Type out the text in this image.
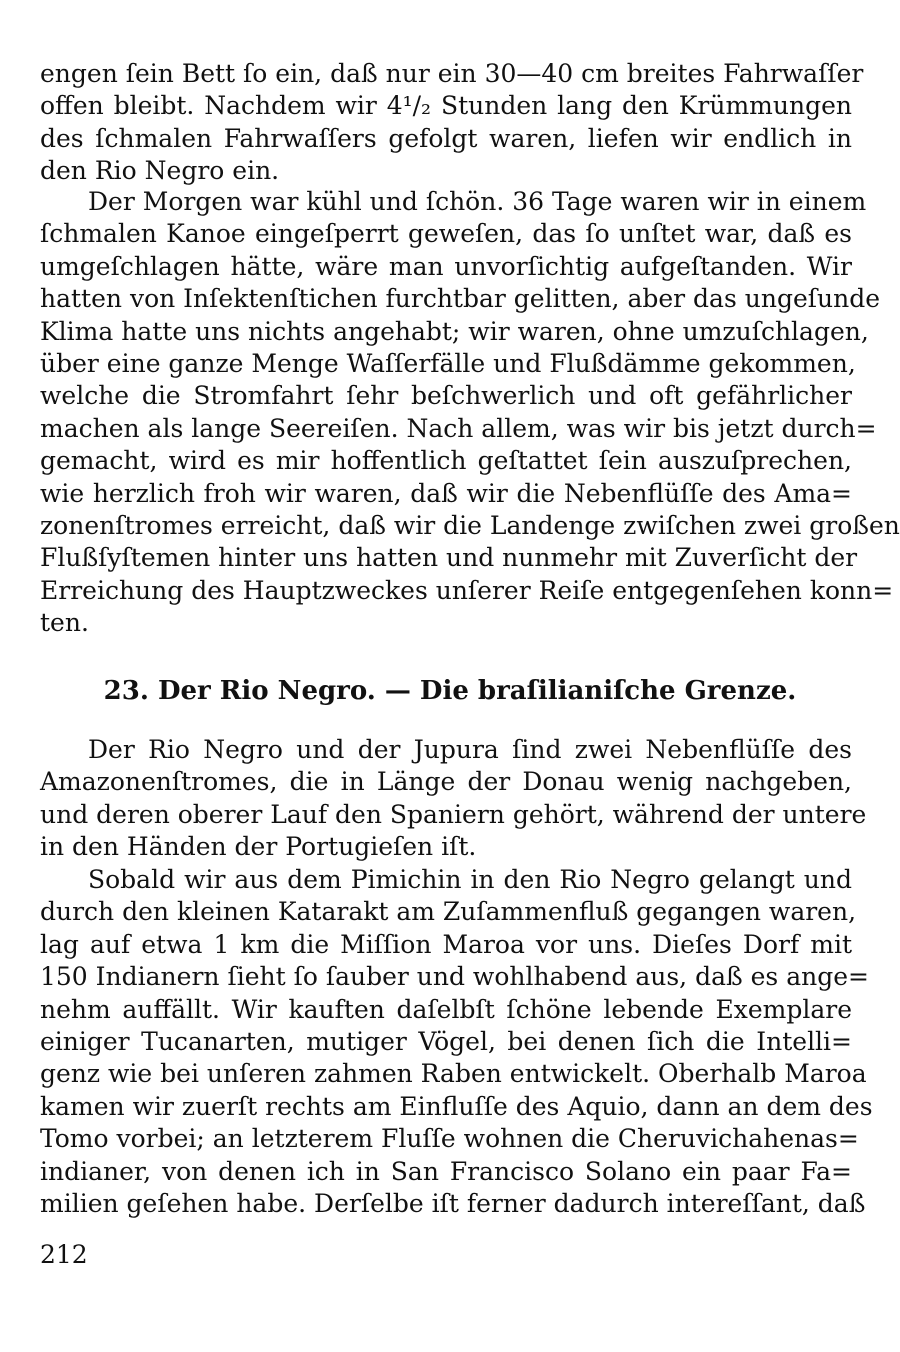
engen ſein Bett ſo ein, daß nur ein 30—40 cm breites Fahrwaſſer
offen bleibt. Nachdem wir 4¹/₂ Stunden lang den Krümmungen
des ſchmalen Fahrwaſſers gefolgt waren, liefen wir endlich in
den Rio Negro ein.
Der Morgen war kühl und ſchön. 36 Tage waren wir in einem
ſchmalen Kanoe eingeſperrt geweſen, das ſo unſtet war, daß es
umgeſchlagen hätte, wäre man unvorſichtig aufgeſtanden. Wir
hatten von Inſektenſtichen furchtbar gelitten, aber das ungeſunde
Klima hatte uns nichts angehabt; wir waren, ohne umzuſchlagen,
über eine ganze Menge Waſſerfälle und Flußdämme gekommen,
welche die Stromfahrt ſehr beſchwerlich und oft gefährlicher
machen als lange Seereiſen. Nach allem, was wir bis jetzt durch=
gemacht, wird es mir hoffentlich geſtattet ſein auszuſprechen,
wie herzlich froh wir waren, daß wir die Nebenflüſſe des Ama=
zonenſtromes erreicht, daß wir die Landenge zwiſchen zwei großen
Flußſyſtemen hinter uns hatten und nunmehr mit Zuverſicht der
Erreichung des Hauptzweckes unſerer Reiſe entgegenſehen konn=
ten.
23. Der Rio Negro. — Die braſilianiſche Grenze.
Der Rio Negro und der Jupura ſind zwei Nebenflüſſe des
Amazonenſtromes, die in Länge der Donau wenig nachgeben,
und deren oberer Lauf den Spaniern gehört, während der untere
in den Händen der Portugieſen iſt.
Sobald wir aus dem Pimichin in den Rio Negro gelangt und
durch den kleinen Katarakt am Zuſammenfluß gegangen waren,
lag auf etwa 1 km die Miſſion Maroa vor uns. Dieſes Dorf mit
150 Indianern ſieht ſo ſauber und wohlhabend aus, daß es ange=
nehm auffällt. Wir kauften daſelbſt ſchöne lebende Exemplare
einiger Tucanarten, mutiger Vögel, bei denen ſich die Intelli=
genz wie bei unſeren zahmen Raben entwickelt. Oberhalb Maroa
kamen wir zuerſt rechts am Einfluſſe des Aquio, dann an dem des
Tomo vorbei; an letzterem Fluſſe wohnen die Cheruvichahenas=
indianer, von denen ich in San Francisco Solano ein paar Fa=
milien geſehen habe. Derſelbe iſt ferner dadurch intereſſant, daß
212
